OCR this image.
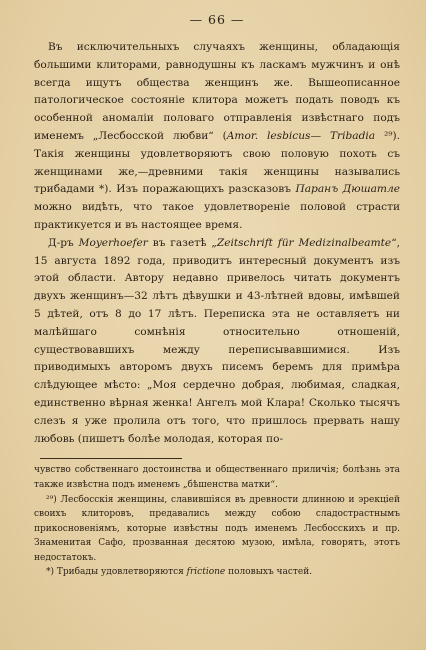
— 66 —

Въ исключительныхъ случаяхъ женщины, обладающія большими клиторами, равнодушны къ ласкамъ мужчинъ и онѣ всегда ищутъ общества женщинъ же. Вышеописанное патологическое состояніе клитора можетъ подать поводъ къ особенной аномаліи половаго отправленія извѣстнаго подъ именемъ „Лесбосской любви“ (Amor. lesbicus— Tribadia ²⁹). Такія женщины удовлетворяютъ свою половую похоть съ женщинами же,—древними такія женщины назывались трибадами *). Изъ поражающихъ разсказовъ Паранъ Дюшатле можно видѣть, что такое удовлетвореніе половой страсти практикуется и въ настоящее время.

Д-ръ Moyerhoefer въ газетѣ „Zeitschrift für Medizinalbeamte“, 15 августа 1892 года, приводитъ интересный документъ изъ этой области. Автору недавно привелось читать документъ двухъ женщинъ—32 лѣтъ дѣвушки и 43-лѣтней вдовы, имѣвшей 5 дѣтей, отъ 8 до 17 лѣтъ. Переписка эта не оставляетъ ни малѣйшаго сомнѣнія относительно отношеній, существовавшихъ между переписывавшимися. Изъ приводимыхъ авторомъ двухъ писемъ беремъ для примѣра слѣдующее мѣсто: „Моя сердечно добрая, любимая, сладкая, единственно вѣрная женка! Ангелъ мой Клара! Сколько тысячъ слезъ я уже пролила отъ того, что пришлось прервать нашу любовь (пишетъ болѣе молодая, которая по-

чувство собственнаго достоинства и общественнаго приличія; болѣзнь эта также извѣстна подъ именемъ „бѣшенства матки“.

²⁹) Лесбосскія женщины, славившіяся въ древности длинною и эрекціей своихъ клиторовъ, предавались между собою сладострастнымъ прикосновеніямъ, которые извѣстны подъ именемъ Лесбосскихъ и пр. Знаменитая Сафо, прозванная десятою музою, имѣла, говорятъ, этотъ недостатокъ.

*) Трибады удовлетворяются frictione половыхъ частей.
